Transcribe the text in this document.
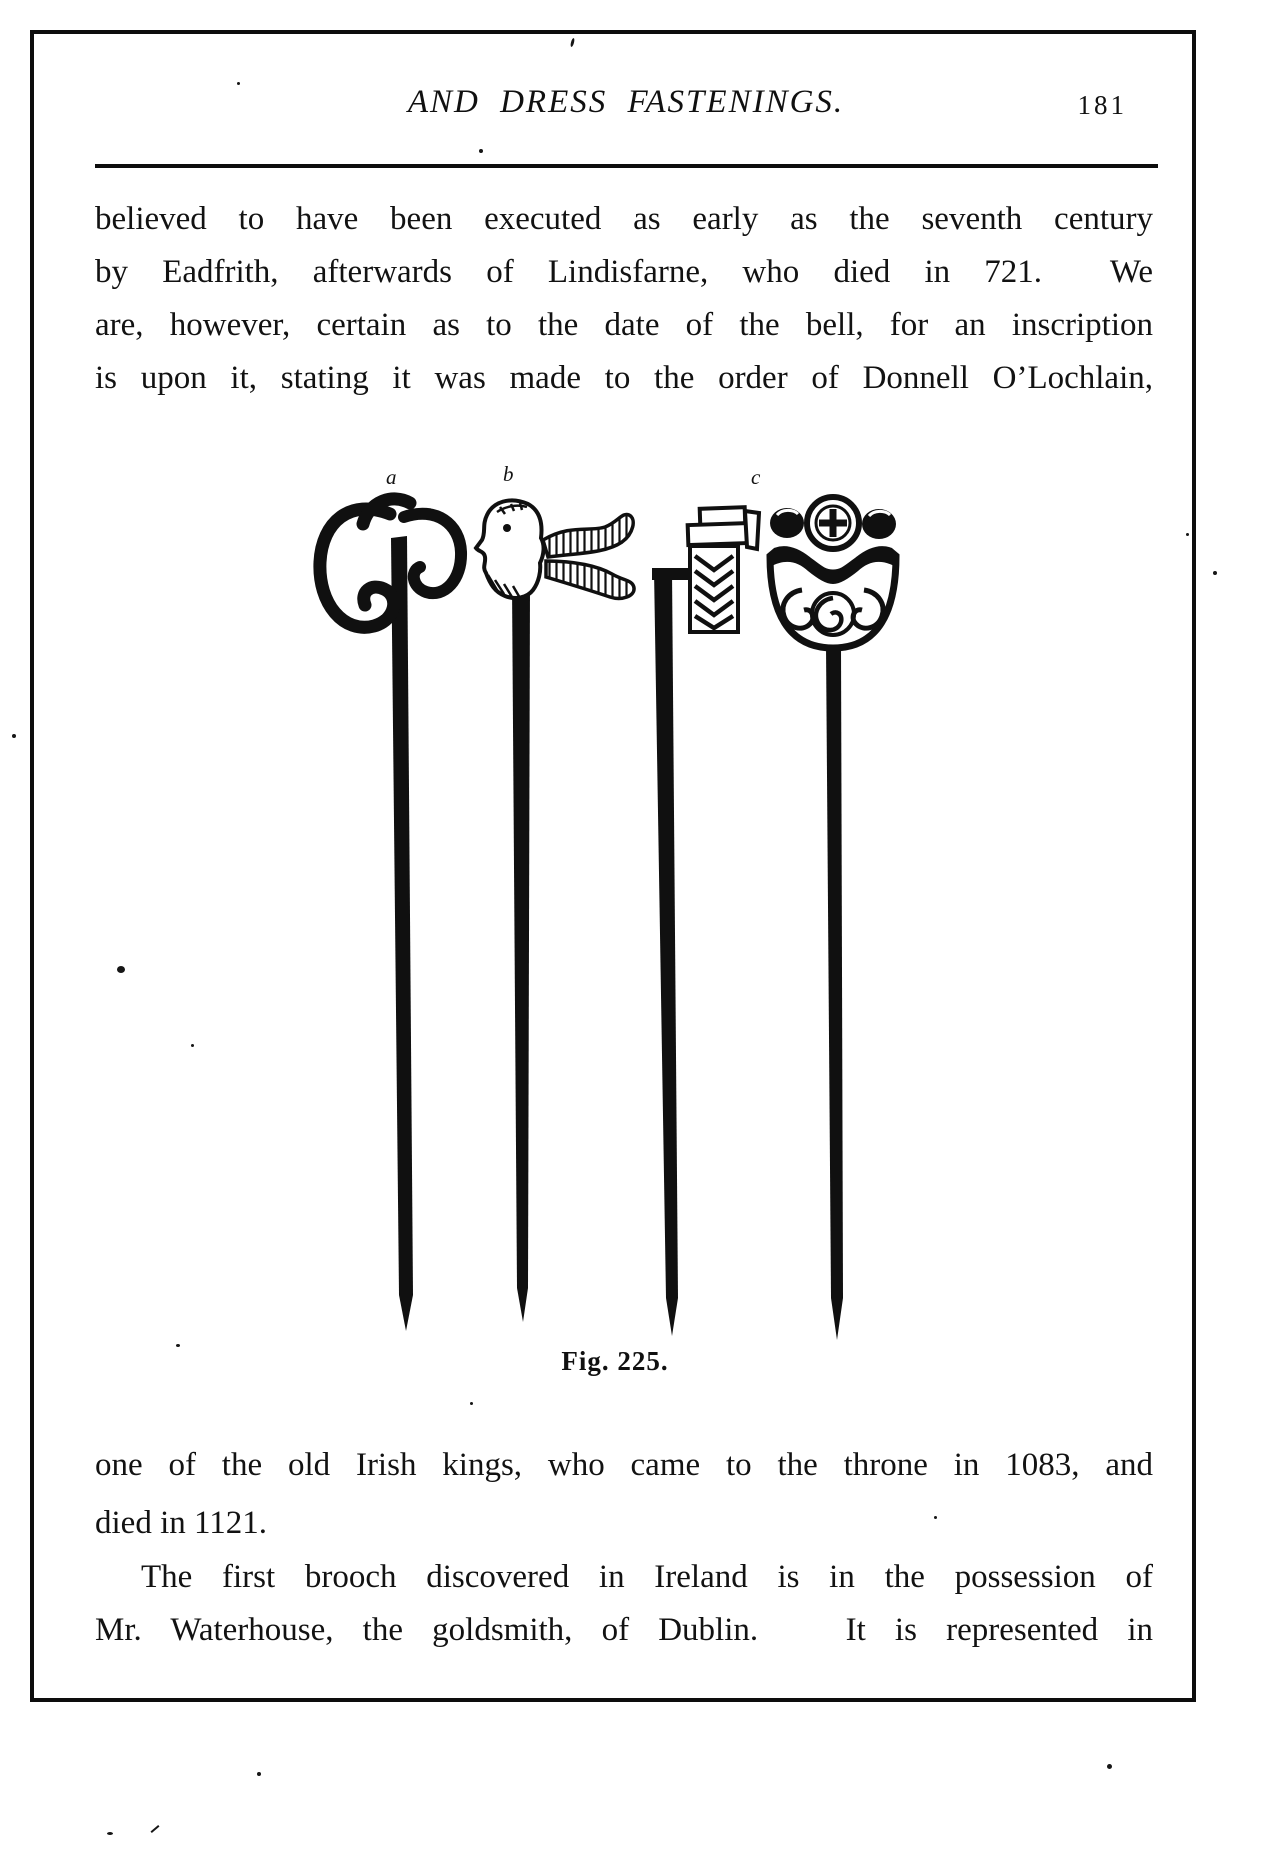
AND DRESS FASTENINGS.	181
believed to have been executed as early as the seventh century
by Eadfrith, afterwards of Lindisfarne, who died in 721.  We
are, however, certain as to the date of the bell, for an inscription
is upon it, stating it was made to the order of Donnell O’Lochlain,
a	b	c
Fig. 225.
one of the old Irish kings, who came to the throne in 1083, and
died in 1121.
The first brooch discovered in Ireland is in the possession of
Mr. Waterhouse, the goldsmith, of Dublin.   It is represented in
